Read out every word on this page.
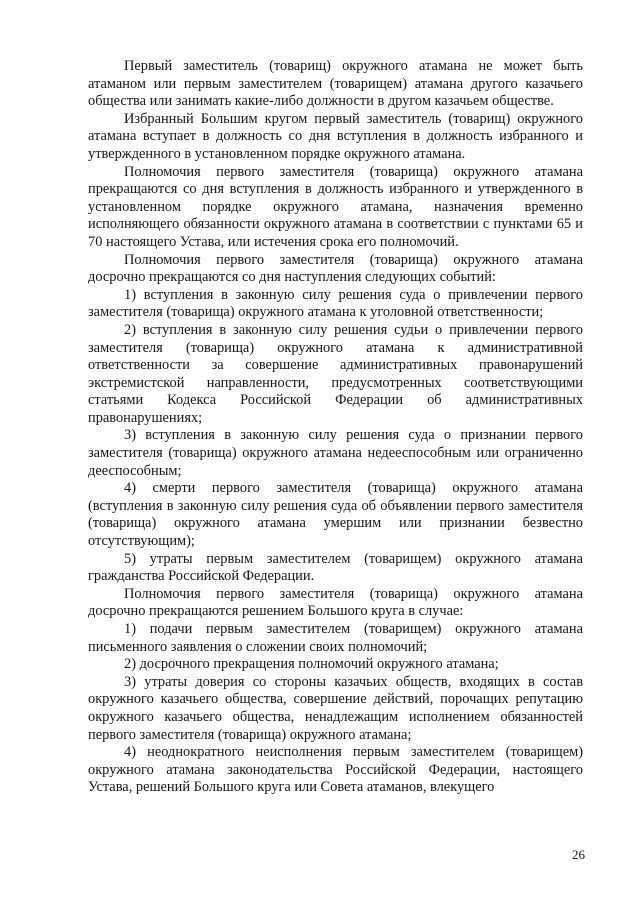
Первый заместитель (товарищ) окружного атамана не может быть атаманом или первым заместителем (товарищем) атамана другого казачьего общества или занимать какие-либо должности в другом казачьем обществе.

Избранный Большим кругом первый заместитель (товарищ) окружного атамана вступает в должность со дня вступления в должность избранного и утвержденного в установленном порядке окружного атамана.

Полномочия первого заместителя (товарища) окружного атамана прекращаются со дня вступления в должность избранного и утвержденного в установленном порядке окружного атамана, назначения временно исполняющего обязанности окружного атамана в соответствии с пунктами 65 и 70 настоящего Устава, или истечения срока его полномочий.

Полномочия первого заместителя (товарища) окружного атамана досрочно прекращаются со дня наступления следующих событий:

1) вступления в законную силу решения суда о привлечении первого заместителя (товарища) окружного атамана к уголовной ответственности;

2) вступления в законную силу решения судьи о привлечении первого заместителя (товарища) окружного атамана к административной ответственности за совершение административных правонарушений экстремистской направленности, предусмотренных соответствующими статьями Кодекса Российской Федерации об административных правонарушениях;

3) вступления в законную силу решения суда о признании первого заместителя (товарища) окружного атамана недееспособным или ограниченно дееспособным;

4) смерти первого заместителя (товарища) окружного атамана (вступления в законную силу решения суда об объявлении первого заместителя (товарища) окружного атамана умершим или признании безвестно отсутствующим);

5) утраты первым заместителем (товарищем) окружного атамана гражданства Российской Федерации.

Полномочия первого заместителя (товарища) окружного атамана досрочно прекращаются решением Большого круга в случае:

1) подачи первым заместителем (товарищем) окружного атамана письменного заявления о сложении своих полномочий;

2) досрочного прекращения полномочий окружного атамана;

3) утраты доверия со стороны казачьих обществ, входящих в состав окружного казачьего общества, совершение действий, порочащих репутацию окружного казачьего общества, ненадлежащим исполнением обязанностей первого заместителя (товарища) окружного атамана;

4) неоднократного неисполнения первым заместителем (товарищем) окружного атамана законодательства Российской Федерации, настоящего Устава, решений Большого круга или Совета атаманов, влекущего

26
